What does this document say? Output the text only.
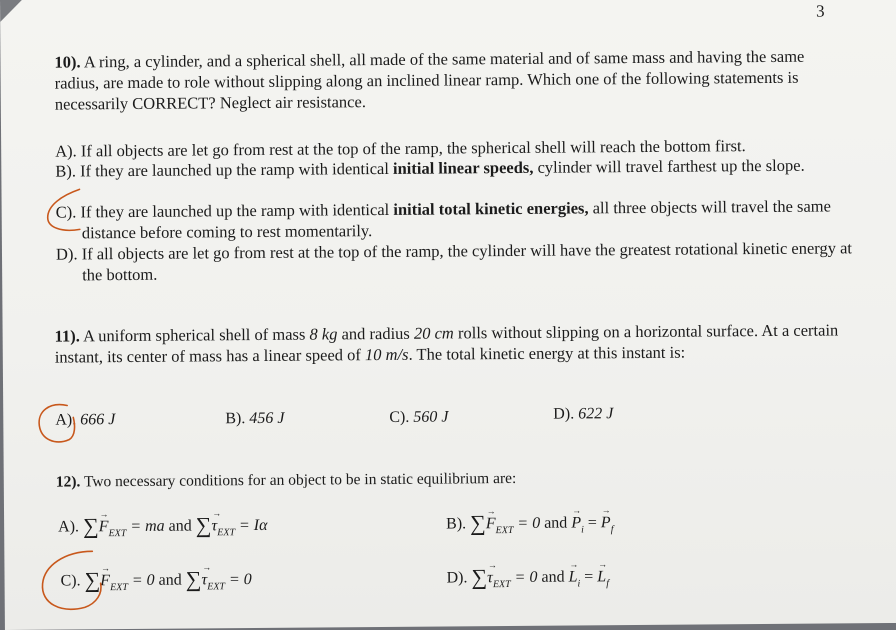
3
10). A ring, a cylinder, and a spherical shell, all made of the same material and of same mass and having the same radius, are made to role without slipping along an inclined linear ramp. Which one of the following statements is necessarily CORRECT? Neglect air resistance.
A). If all objects are let go from rest at the top of the ramp, the spherical shell will reach the bottom first.
B). If they are launched up the ramp with identical initial linear speeds, cylinder will travel farthest up the slope.
C). If they are launched up the ramp with identical initial total kinetic energies, all three objects will travel the same distance before coming to rest momentarily.
D). If all objects are let go from rest at the top of the ramp, the cylinder will have the greatest rotational kinetic energy at the bottom.
11). A uniform spherical shell of mass 8 kg and radius 20 cm rolls without slipping on a horizontal surface. At a certain instant, its center of mass has a linear speed of 10 m/s. The total kinetic energy at this instant is:
A). 666 J	B). 456 J	C). 560 J	D). 622 J
12). Two necessary conditions for an object to be in static equilibrium are:
A). ∑→ $F_{EXT}$ = ma and ∑→ $\tau_{EXT} = I\alpha$	B). ∑→ $F_{EXT} = 0$ and → $P_i$ = → $P_f$
C). ∑→ $F_{EXT} = 0$ and ∑→ $\tau_{EXT} = 0$	D). ∑→ $\tau_{EXT} = 0$ and → $L_i$ = → $L_f$
